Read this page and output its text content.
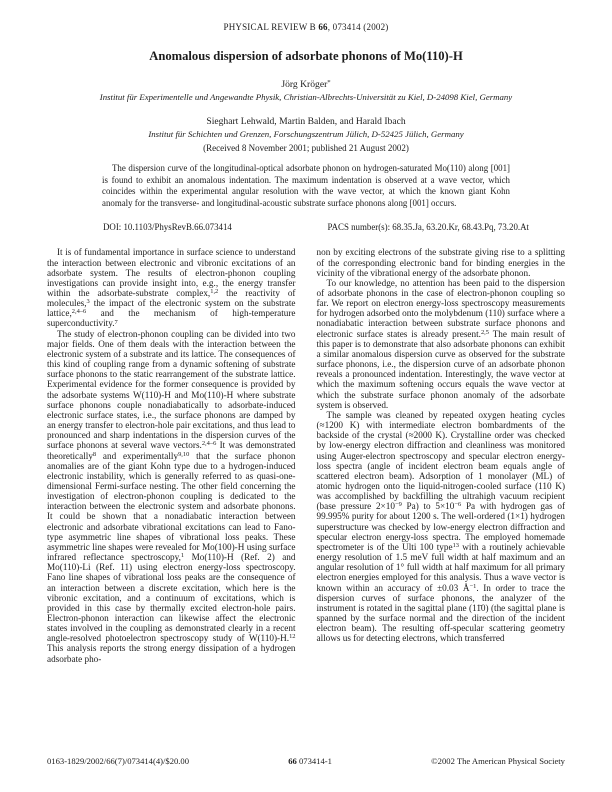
PHYSICAL REVIEW B 66, 073414 (2002)
Anomalous dispersion of adsorbate phonons of Mo(110)-H
Jörg Kröger*
Institut für Experimentelle und Angewandte Physik, Christian-Albrechts-Universität zu Kiel, D-24098 Kiel, Germany
Sieghart Lehwald, Martin Balden, and Harald Ibach
Institut für Schichten und Grenzen, Forschungszentrum Jülich, D-52425 Jülich, Germany
(Received 8 November 2001; published 21 August 2002)
The dispersion curve of the longitudinal-optical adsorbate phonon on hydrogen-saturated Mo(110) along [001] is found to exhibit an anomalous indentation. The maximum indentation is observed at a wave vector, which coincides within the experimental angular resolution with the wave vector, at which the known giant Kohn anomaly for the transverse- and longitudinal-acoustic substrate surface phonons along [001] occurs.
DOI: 10.1103/PhysRevB.66.073414	PACS number(s): 68.35.Ja, 63.20.Kr, 68.43.Pq, 73.20.At

It is of fundamental importance in surface science to understand the interaction between electronic and vibronic excitations of an adsorbate system. The results of electron-phonon coupling investigations can provide insight into, e.g., the energy transfer within the adsorbate-substrate complex,$^{1,2}$ the reactivity of molecules,$^3$ the impact of the electronic system on the substrate lattice,$^{2,4-6}$ and the mechanism of high-temperature superconductivity.$^7$

The study of electron-phonon coupling can be divided into two major fields. One of them deals with the interaction between the electronic system of a substrate and its lattice. The consequences of this kind of coupling range from a dynamic softening of substrate surface phonons to the static rearrangement of the substrate lattice. Experimental evidence for the former consequence is provided by the adsorbate systems W(110)-H and Mo(110)-H where substrate surface phonons couple nonadiabatically to adsorbate-induced electronic surface states, i.e., the surface phonons are damped by an energy transfer to electron-hole pair excitations, and thus lead to pronounced and sharp indentations in the dispersion curves of the surface phonons at several wave vectors.$^{2,4-6}$ It was demonstrated theoretically$^8$ and experimentally$^{9,10}$ that the surface phonon anomalies are of the giant Kohn type due to a hydrogen-induced electronic instability, which is generally referred to as quasi-one-dimensional Fermi-surface nesting. The other field concerning the investigation of electron-phonon coupling is dedicated to the interaction between the electronic system and adsorbate phonons. It could be shown that a nonadiabatic interaction between electronic and adsorbate vibrational excitations can lead to Fano-type asymmetric line shapes of vibrational loss peaks. These asymmetric line shapes were revealed for Mo(100)-H using surface infrared reflectance spectroscopy,$^1$ Mo(110)-H (Ref. 2) and Mo(110)-Li (Ref. 11) using electron energy-loss spectroscopy. Fano line shapes of vibrational loss peaks are the consequence of an interaction between a discrete excitation, which here is the vibronic excitation, and a continuum of excitations, which is provided in this case by thermally excited electron-hole pairs. Electron-phonon interaction can likewise affect the electronic states involved in the coupling as demonstrated clearly in a recent angle-resolved photoelectron spectroscopy study of W(110)-H.$^{12}$ This analysis reports the strong energy dissipation of a hydrogen adsorbate pho-

non by exciting electrons of the substrate giving rise to a splitting of the corresponding electronic band for binding energies in the vicinity of the vibrational energy of the adsorbate phonon.

To our knowledge, no attention has been paid to the dispersion of adsorbate phonons in the case of electron-phonon coupling so far. We report on electron energy-loss spectroscopy measurements for hydrogen adsorbed onto the molybdenum (110) surface where a nonadiabatic interaction between substrate surface phonons and electronic surface states is already present.$^{2,5}$ The main result of this paper is to demonstrate that also adsorbate phonons can exhibit a similar anomalous dispersion curve as observed for the substrate surface phonons, i.e., the dispersion curve of an adsorbate phonon reveals a pronounced indentation. Interestingly, the wave vector at which the maximum softening occurs equals the wave vector at which the substrate surface phonon anomaly of the adsorbate system is observed.

The sample was cleaned by repeated oxygen heating cycles (≈1200 K) with intermediate electron bombardments of the backside of the crystal (≈2000 K). Crystalline order was checked by low-energy electron diffraction and cleanliness was monitored using Auger-electron spectroscopy and specular electron energy-loss spectra (angle of incident electron beam equals angle of scattered electron beam). Adsorption of 1 monolayer (ML) of atomic hydrogen onto the liquid-nitrogen-cooled surface (110 K) was accomplished by backfilling the ultrahigh vacuum recipient (base pressure $2\times 10^{-9}$ Pa) to $5\times 10^{-6}$ Pa with hydrogen gas of 99.995% purity for about 1200 s. The well-ordered (1×1) hydrogen superstructure was checked by low-energy electron diffraction and specular electron energy-loss spectra. The employed homemade spectrometer is of the Ulti 100 type$^{13}$ with a routinely achievable energy resolution of 1.5 meV full width at half maximum and an angular resolution of 1° full width at half maximum for all primary electron energies employed for this analysis. Thus a wave vector is known within an accuracy of ±0.03 $Å^{-1}$. In order to trace the dispersion curves of surface phonons, the analyzer of the instrument is rotated in the sagittal plane (11̄0) (the sagittal plane is spanned by the surface normal and the direction of the incident electron beam). The resulting off-specular scattering geometry allows us for detecting electrons, which transferred

0163-1829/2002/66(7)/073414(4)/$20.00	66 073414-1	©2002 The American Physical Society
